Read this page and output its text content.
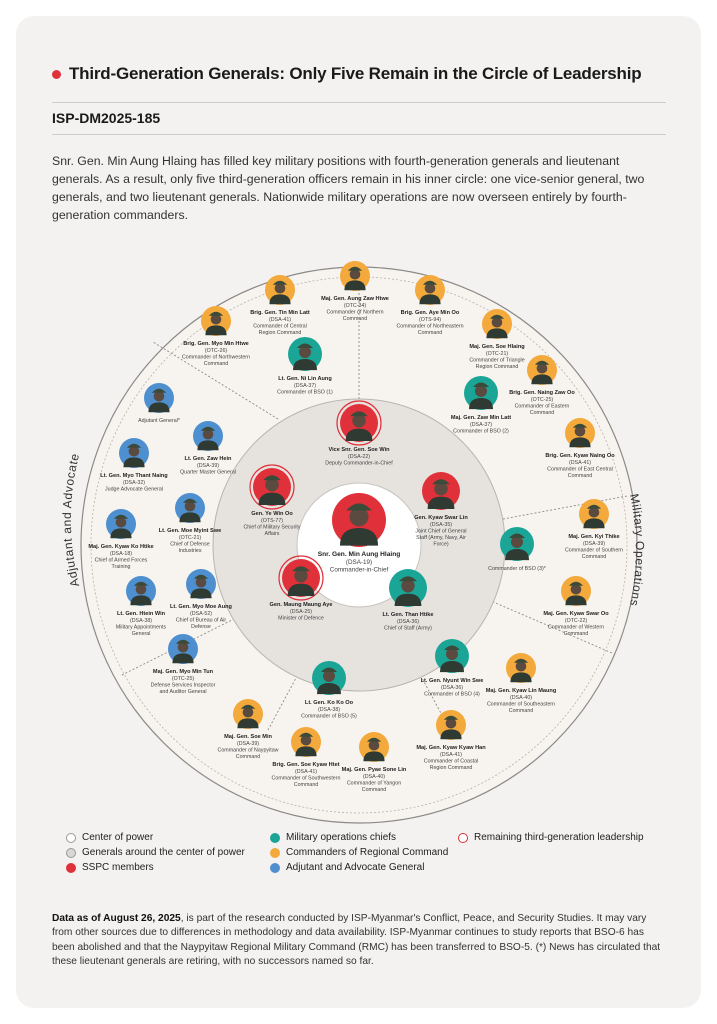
Third-Generation Generals: Only Five Remain in the Circle of Leadership
ISP-DM2025-185
Snr. Gen. Min Aung Hlaing has filled key military positions with fourth-generation generals and lieutenant generals. As a result, only five third-generation officers remain in his inner circle: one vice-senior general, two generals, and two lieutenant generals. Nationwide military operations are now overseen entirely by fourth-generation commanders.
Adjutant and Advocate
Military Operations
Snr. Gen. Min Aung Hlaing
(DSA-19)
Commander-in-Chief
Vice Snr. Gen. Soe Win
(DSA-22)
Deputy Commander-in-Chief
Gen. Kyaw Swar Lin
(DSA-35)
Joint Chief of General
Staff (Army, Navy, Air
Force)
Lt. Gen. Than Htike
(DSA-36)
Chief of Staff (Army)
Gen. Maung Maung Aye
(DSA-25)
Minister of Defence
Gen. Ye Win Oo
(OTS-77)
Chief of Military Security
Affairs
Maj. Gen. Aung Zaw Htwe
(OTC-34)
Commander of Northern
Command
Brig. Gen. Tin Min Latt
(DSA-41)
Commander of Central
Region Command
Brig. Gen. Myo Min Htwe
(OTC-26)
Commander of Northwestern
Command
Lt. Gen. Ni Lin Aung
(DSA-37)
Commander of BSO (1)
Brig. Gen. Aye Min Oo
(OTS-94)
Commander of Northeastern
Command
Maj. Gen. Soe Hlaing
(OTC-21)
Commander of Triangle
Region Command
Brig. Gen. Naing Zaw Oo
(OTC-25)
Commander of Eastern
Command
Maj. Gen. Zaw Min Latt
(DSA-37)
Commander of BSO (2)
Brig. Gen. Kyaw Naing Oo
(DSA-41)
Commander of East Central
Command
Maj. Gen. Kyi Thike
(DSA-39)
Commander of Southern
Command
Commander of BSO (3)*
Maj. Gen. Kyaw Swar Oo
(OTC-22)
Commander of Western
Command
Lt. Gen. Nyunt Win Swe
(DSA-36)
Commander of BSO (4)
Maj. Gen. Kyaw Lin Maung
(DSA-40)
Commander of Southeastern
Command
Maj. Gen. Kyaw Kyaw Han
(DSA-41)
Commander of Coastal
Region Command
Maj. Gen. Pyae Sone Lin
(DSA-40)
Commander of Yangon
Command
Brig. Gen. Soe Kyaw Htet
(DSA-41)
Commander of Southwestern
Command
Maj. Gen. Soe Min
(DSA-39)
Commander of Naypyitaw
Command
Lt. Gen. Ko Ko Oo
(DSA-38)
Commander of BSO (5)
Maj. Gen. Myo Min Tun
(OTC-25)
Defense Services Inspector
and Auditor General
Lt. Gen. Myo Moe Aung
(DSA-52)
Chief of Bureau of Air
Defense
Lt. Gen. Htein Win
(DSA-38)
Military Appointments
General
Maj. Gen. Kyaw Ko Htike
(DSA-18)
Chief of Armed Forces
Training
Lt. Gen. Moe Myint Swe
(OTC-21)
Chief of Defense
Industries
Lt. Gen. Myo Thant Naing
(DSA-32)
Judge Advocate General
Lt. Gen. Zaw Hein
(DSA-39)
Quarter Master General
Adjutant General*
Center of power
Generals around the center of power
SSPC members
Military operations chiefs
Commanders of Regional Command
Adjutant and Advocate General
Remaining third-generation leadership
Data as of August 26, 2025, is part of the research conducted by ISP-Myanmar's Conflict, Peace, and Security Studies. It may vary from other sources due to differences in methodology and data availability. ISP-Myanmar continues to study reports that BSO-6 has been abolished and that the Naypyitaw Regional Military Command (RMC) has been transferred to BSO-5. (*) News has circulated that these lieutenant generals are retiring, with no successors named so far.
